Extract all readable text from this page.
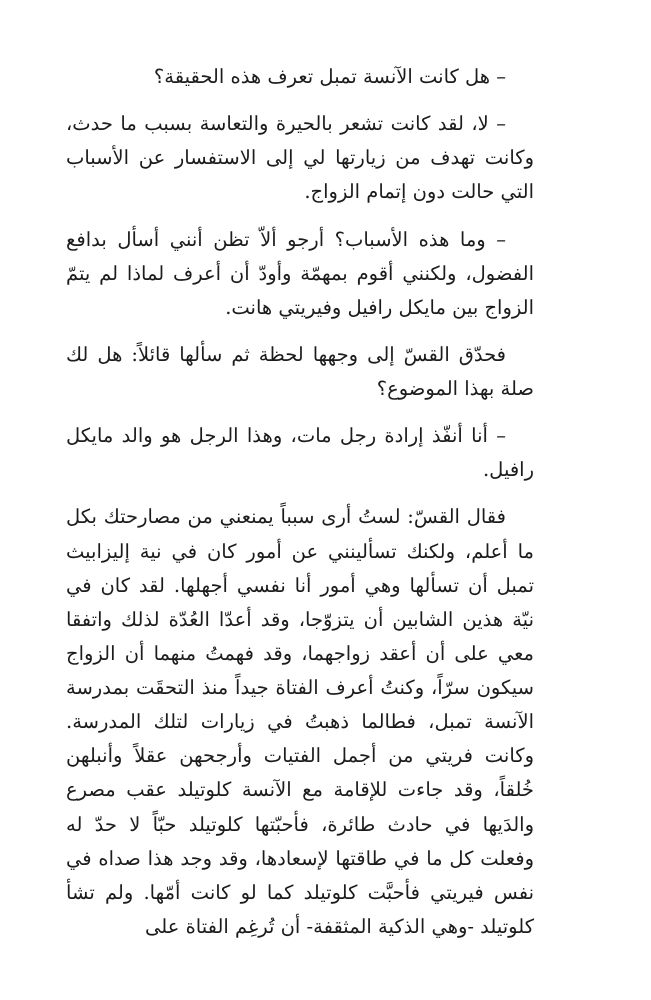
– هل كانت الآنسة تمبل تعرف هذه الحقيقة؟

– لا، لقد كانت تشعر بالحيرة والتعاسة بسبب ما حدث، وكانت تهدف من زيارتها لي إلى الاستفسار عن الأسباب التي حالت دون إتمام الزواج.

– وما هذه الأسباب؟ أرجو ألاّ تظن أنني أسأل بدافع الفضول، ولكنني أقوم بمهمّة وأودّ أن أعرف لماذا لم يتمّ الزواج بين مايكل رافيل وفيريتي هانت.

فحدّق القسّ إلى وجهها لحظة ثم سألها قائلاً: هل لك صلة بهذا الموضوع؟

– أنا أنفّذ إرادة رجل مات، وهذا الرجل هو والد مايكل رافيل.

فقال القسّ: لستُ أرى سبباً يمنعني من مصارحتك بكل ما أعلم، ولكنك تسألينني عن أمور كان في نية إليزابيث تمبل أن تسألها وهي أمور أنا نفسي أجهلها. لقد كان في نيّة هذين الشابين أن يتزوّجا، وقد أعدّا العُدّة لذلك واتفقا معي على أن أعقد زواجهما، وقد فهمتُ منهما أن الزواج سيكون سرّاً، وكنتُ أعرف الفتاة جيداً منذ التحقَت بمدرسة الآنسة تمبل، فطالما ذهبتُ في زيارات لتلك المدرسة. وكانت فريتي من أجمل الفتيات وأرجحهن عقلاً وأنبلهن خُلقاً، وقد جاءت للإقامة مع الآنسة كلوتيلد عقب مصرع والدَيها في حادث طائرة، فأحبّتها كلوتيلد حبّاً لا حدّ له وفعلت كل ما في طاقتها لإسعادها، وقد وجد هذا صداه في نفس فيريتي فأحبَّت كلوتيلد كما لو كانت أمّها. ولم تشأ كلوتيلد -وهي الذكية المثقفة- أن تُرغِم الفتاة على
